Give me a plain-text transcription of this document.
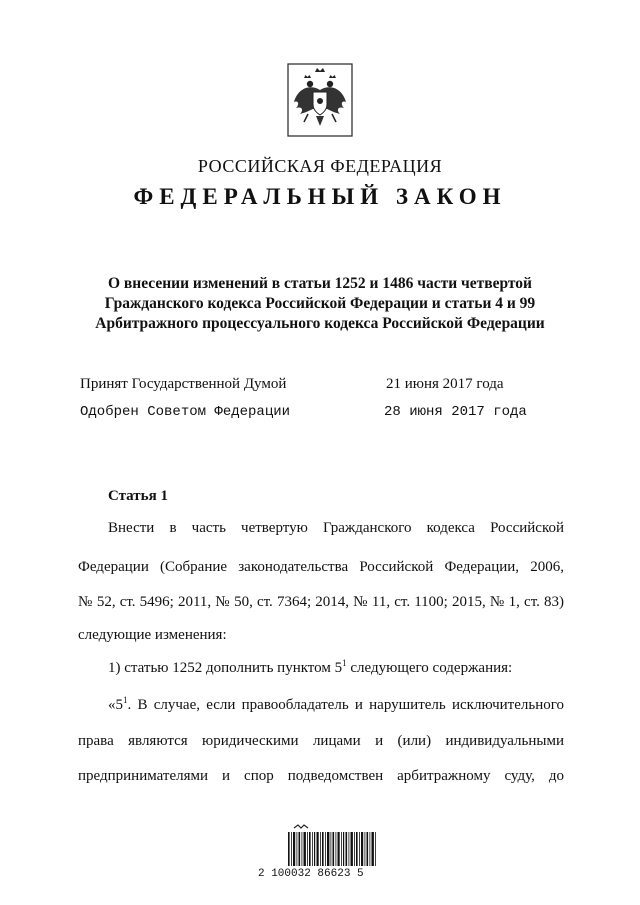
РОССИЙСКАЯ ФЕДЕРАЦИЯ
ФЕДЕРАЛЬНЫЙ ЗАКОН
О внесении изменений в статьи 1252 и 1486 части четвертой
Гражданского кодекса Российской Федерации и статьи 4 и 99
Арбитражного процессуального кодекса Российской Федерации
Принят Государственной Думой	21 июня 2017 года
Одобрен Советом Федерации	28 июня 2017 года
Статья 1
Внести в часть четвертую Гражданского кодекса Российской
Федерации (Собрание законодательства Российской Федерации, 2006,
№ 52, ст. 5496; 2011, № 50, ст. 7364; 2014, № 11, ст. 1100; 2015, № 1, ст. 83)
следующие изменения:
1) статью 1252 дополнить пунктом $5^1$ следующего содержания:
«$5^1$. В случае, если правообладатель и нарушитель исключительного
права являются юридическими лицами и (или) индивидуальными
предпринимателями и спор подведомствен арбитражному суду, до
2 100032 86623 5
